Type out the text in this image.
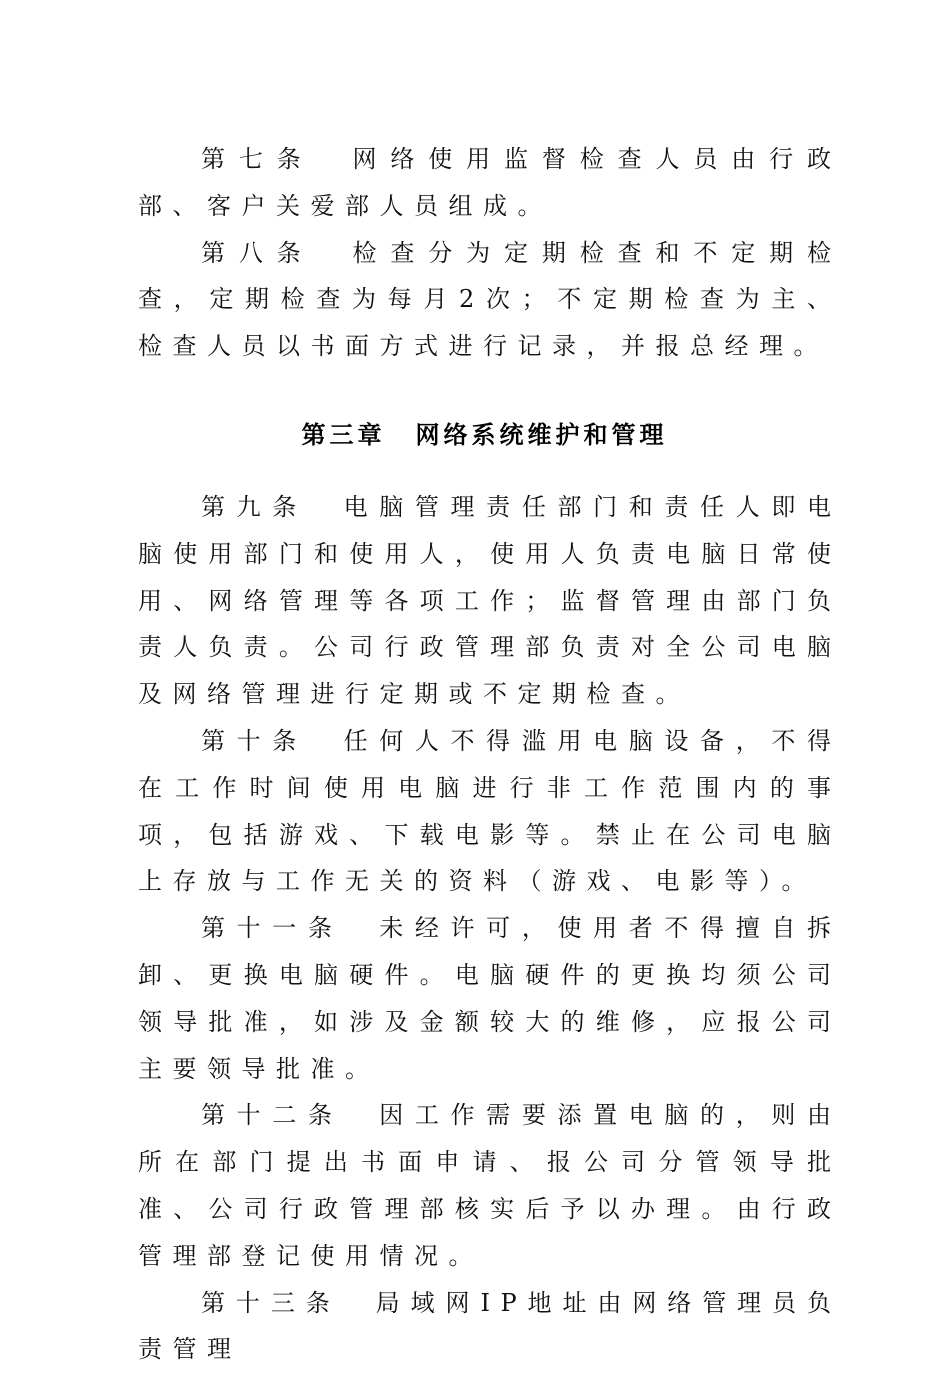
第七条　网络使用监督检查人员由行政部、客户关爱部人员组成。

第八条　检查分为定期检查和不定期检查，定期检查为每月2次；不定期检查为主、检查人员以书面方式进行记录，并报总经理。

第三章 网络系统维护和管理

第九条　电脑管理责任部门和责任人即电脑使用部门和使用人，使用人负责电脑日常使用、网络管理等各项工作；监督管理由部门负责人负责。公司行政管理部负责对全公司电脑及网络管理进行定期或不定期检查。

第十条　任何人不得滥用电脑设备，不得在工作时间使用电脑进行非工作范围内的事项，包括游戏、下载电影等。禁止在公司电脑上存放与工作无关的资料（游戏、电影等）。

第十一条　未经许可，使用者不得擅自拆卸、更换电脑硬件。电脑硬件的更换均须公司领导批准，如涉及金额较大的维修，应报公司主要领导批准。

第十二条　因工作需要添置电脑的，则由所在部门提出书面申请、报公司分管领导批准、公司行政管理部核实后予以办理。由行政管理部登记使用情况。

第十三条　局域网IP地址由网络管理员负责管理
